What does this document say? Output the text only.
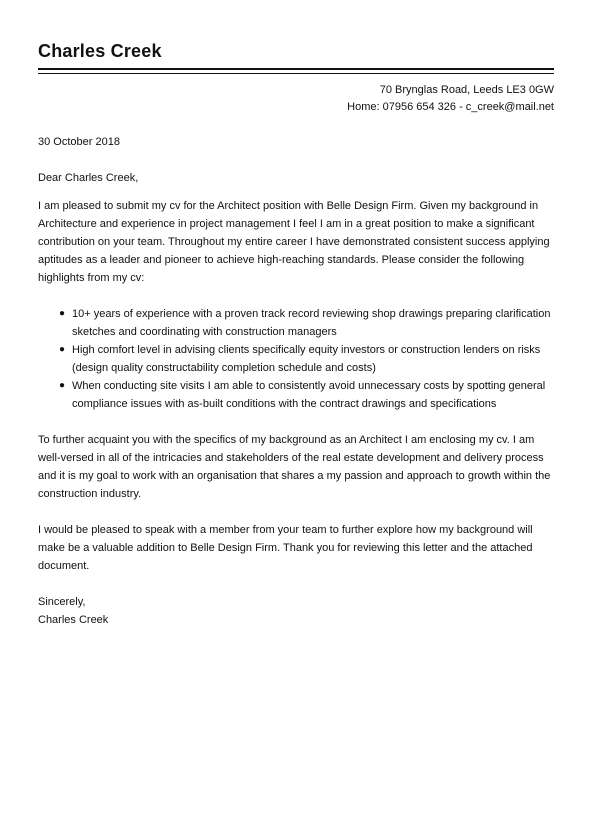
Charles Creek
70 Brynglas Road, Leeds LE3 0GW
Home: 07956 654 326 - c_creek@mail.net

30 October 2018

Dear Charles Creek,

I am pleased to submit my cv for the Architect position with Belle Design Firm. Given my background in Architecture and experience in project management I feel I am in a great position to make a significant contribution on your team. Throughout my entire career I have demonstrated consistent success applying aptitudes as a leader and pioneer to achieve high-reaching standards. Please consider the following highlights from my cv:

● 10+ years of experience with a proven track record reviewing shop drawings preparing clarification sketches and coordinating with construction managers
● High comfort level in advising clients specifically equity investors or construction lenders on risks (design quality constructability completion schedule and costs)
● When conducting site visits I am able to consistently avoid unnecessary costs by spotting general compliance issues with as-built conditions with the contract drawings and specifications

To further acquaint you with the specifics of my background as an Architect I am enclosing my cv. I am well-versed in all of the intricacies and stakeholders of the real estate development and delivery process and it is my goal to work with an organisation that shares a my passion and approach to growth within the construction industry.

I would be pleased to speak with a member from your team to further explore how my background will make be a valuable addition to Belle Design Firm. Thank you for reviewing this letter and the attached document.

Sincerely,

Charles Creek
